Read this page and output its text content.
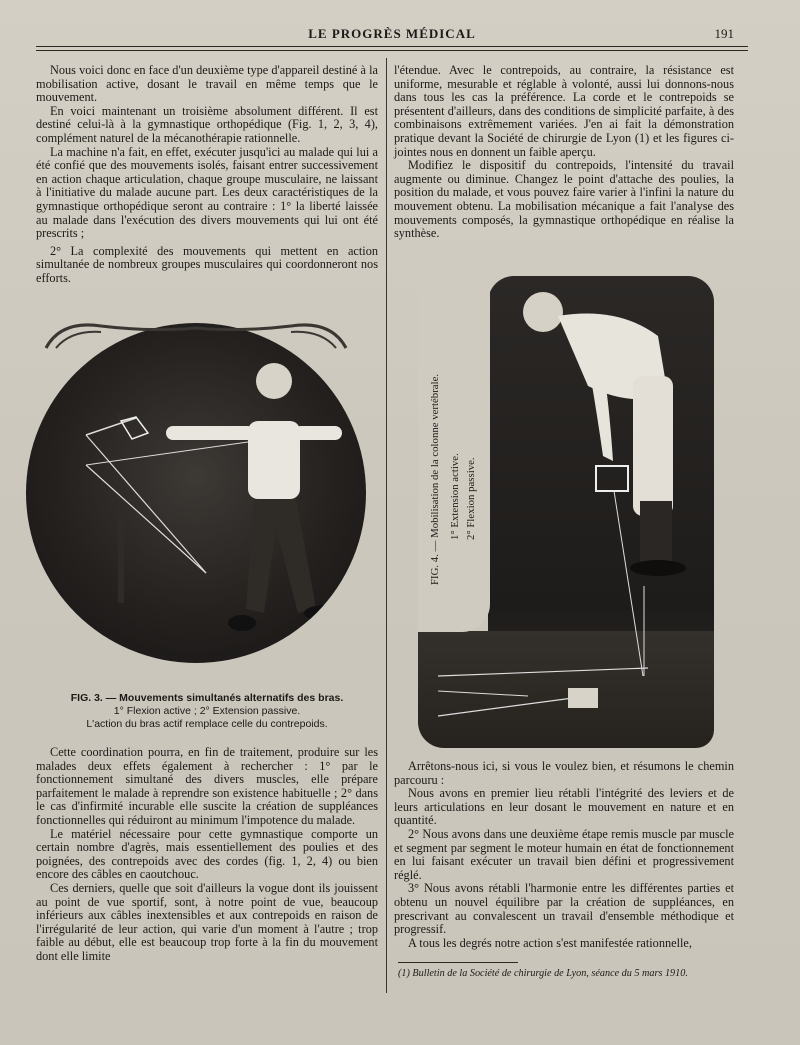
LE PROGRÈS MÉDICAL	191

Nous voici donc en face d'un deuxième type d'appareil destiné à la mobilisation active, dosant le travail en même temps que le mouvement.

En voici maintenant un troisième absolument différent. Il est destiné celui-là à la gymnastique orthopédique (Fig. 1, 2, 3, 4), complément naturel de la mécanothérapie rationnelle.

La machine n'a fait, en effet, exécuter jusqu'ici au malade qui lui a été confié que des mouvements isolés, faisant entrer successivement en action chaque articulation, chaque groupe musculaire, ne laissant à l'initiative du malade aucune part. Les deux caractéristiques de la gymnastique orthopédique seront au contraire : 1° la liberté laissée au malade dans l'exécution des divers mouvements qui lui ont été prescrits ;

2° La complexité des mouvements qui mettent en action simultanée de nombreux groupes musculaires qui coordonneront nos efforts.

FIG. 3. — Mouvements simultanés alternatifs des bras.
1° Flexion active ; 2° Extension passive.
L'action du bras actif remplace celle du contrepoids.

Cette coordination pourra, en fin de traitement, produire sur les malades deux effets également à rechercher : 1° par le fonctionnement simultané des divers muscles, elle prépare parfaitement le malade à reprendre son existence habituelle ; 2° dans le cas d'infirmité incurable elle suscite la création de suppléances fonctionnelles qui réduiront au minimum l'impotence du malade.

Le matériel nécessaire pour cette gymnastique comporte un certain nombre d'agrès, mais essentiellement des poulies et des poignées, des contrepoids avec des cordes (fig. 1, 2, 4) ou bien encore des câbles en caoutchouc.

Ces derniers, quelle que soit d'ailleurs la vogue dont ils jouissent au point de vue sportif, sont, à notre point de vue, beaucoup inférieurs aux câbles inextensibles et aux contrepoids en raison de l'irrégularité de leur action, qui varie d'un moment à l'autre ; trop faible au début, elle est beaucoup trop forte à la fin du mouvement dont elle limite

l'étendue. Avec le contrepoids, au contraire, la résistance est uniforme, mesurable et réglable à volonté, aussi lui donnons-nous dans tous les cas la préférence. La corde et le contrepoids se présentent d'ailleurs, dans des conditions de simplicité parfaite, à des combinaisons extrêmement variées. J'en ai fait la démonstration pratique devant la Société de chirurgie de Lyon (1) et les figures ci-jointes nous en donnent un faible aperçu.

Modifiez le dispositif du contrepoids, l'intensité du travail augmente ou diminue. Changez le point d'attache des poulies, la position du malade, et vous pouvez faire varier à l'infini la nature du mouvement obtenu. La mobilisation mécanique a fait l'analyse des mouvements composés, la gymnastique orthopédique en réalise la synthèse.

FIG. 4. — Mobilisation de la colonne vertébrale. 1° Extension active. 2° Flexion passive.

Arrêtons-nous ici, si vous le voulez bien, et résumons le chemin parcouru :

Nous avons en premier lieu rétabli l'intégrité des leviers et de leurs articulations en leur dosant le mouvement en nature et en quantité.

2° Nous avons dans une deuxième étape remis muscle par muscle et segment par segment le moteur humain en état de fonctionnement en lui faisant exécuter un travail bien défini et progressivement réglé.

3° Nous avons rétabli l'harmonie entre les différentes parties et obtenu un nouvel équilibre par la création de suppléances, en prescrivant au convalescent un travail d'ensemble méthodique et progressif.

A tous les degrés notre action s'est manifestée rationnelle,

(1) Bulletin de la Société de chirurgie de Lyon, séance du 5 mars 1910.
